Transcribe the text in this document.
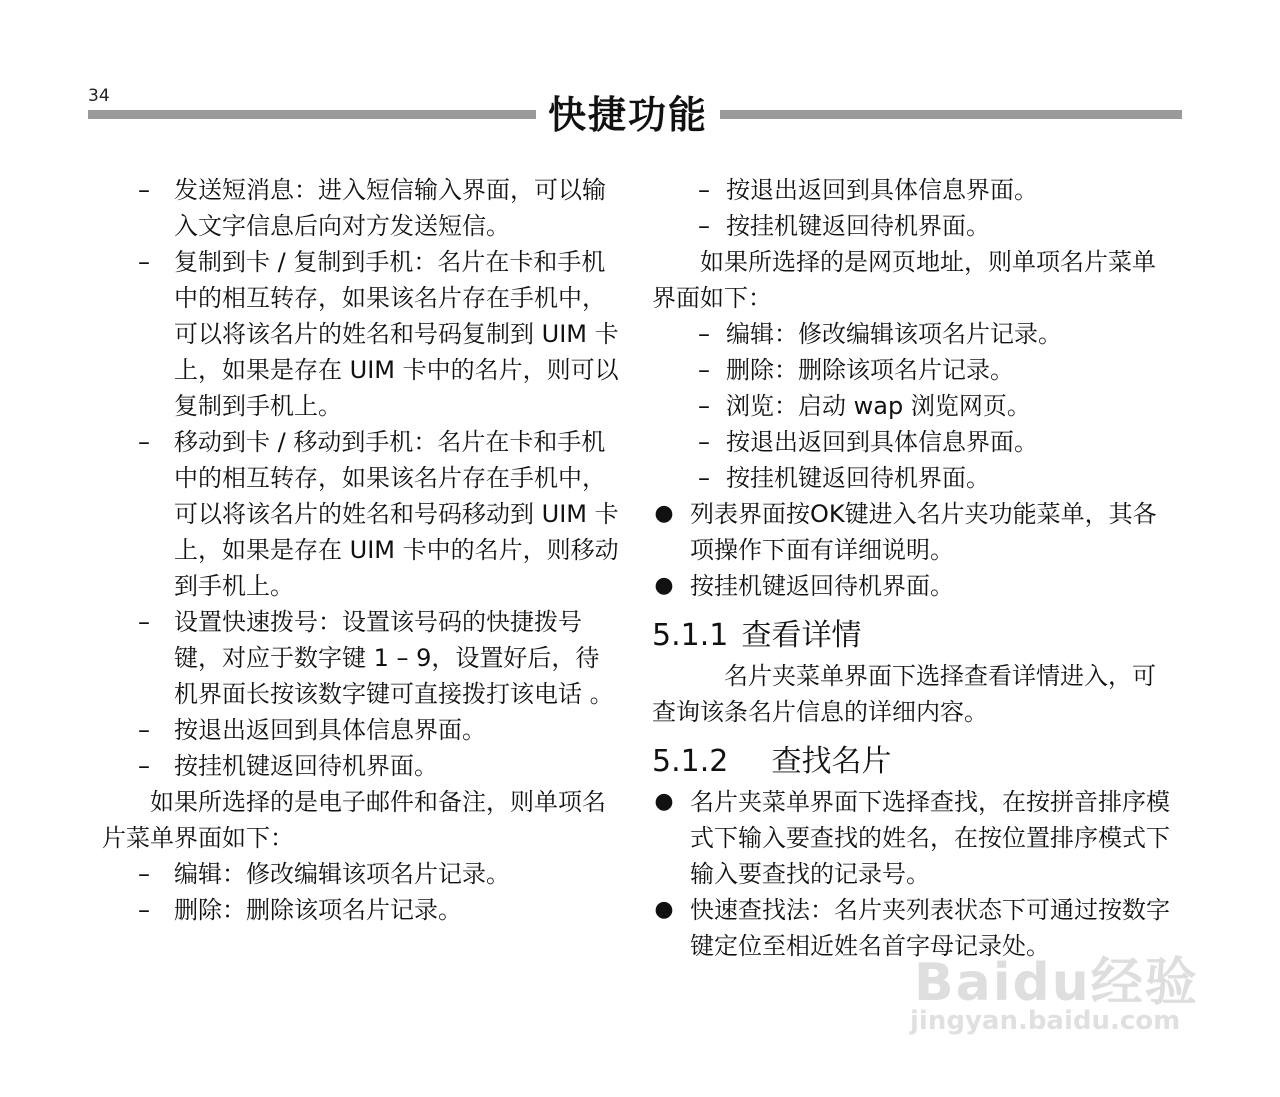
34	快捷功能
–	发送短消息：进入短信输入界面，可以输入文字信息后向对方发送短信。
–	复制到卡 / 复制到手机：名片在卡和手机中的相互转存，如果该名片存在手机中，可以将该名片的姓名和号码复制到 UIM 卡上，如果是存在 UIM 卡中的名片，则可以复制到手机上。
–	移动到卡 / 移动到手机：名片在卡和手机中的相互转存，如果该名片存在手机中，可以将该名片的姓名和号码移动到 UIM 卡上，如果是存在 UIM 卡中的名片，则移动到手机上。
–	设置快速拨号：设置该号码的快捷拨号键，对应于数字键 1 – 9，设置好后，待机界面长按该数字键可直接拨打该电话 。
–	按退出返回到具体信息界面。
–	按挂机键返回待机界面。
如果所选择的是电子邮件和备注，则单项名片菜单界面如下：
–	编辑：修改编辑该项名片记录。
–	删除：删除该项名片记录。
– 按退出返回到具体信息界面。
– 按挂机键返回待机界面。
如果所选择的是网页地址，则单项名片菜单界面如下：
– 编辑：修改编辑该项名片记录。
– 删除：删除该项名片记录。
– 浏览：启动 wap 浏览网页。
– 按退出返回到具体信息界面。
– 按挂机键返回待机界面。
● 列表界面按OK键进入名片夹功能菜单，其各项操作下面有详细说明。
● 按挂机键返回待机界面。
5.1.1 查看详情
名片夹菜单界面下选择查看详情进入，可查询该条名片信息的详细内容。
5.1.2 查找名片
● 名片夹菜单界面下选择查找，在按拼音排序模式下输入要查找的姓名，在按位置排序模式下输入要查找的记录号。
● 快速查找法：名片夹列表状态下可通过按数字键定位至相近姓名首字母记录处。
Baidu经验
jingyan.baidu.com
